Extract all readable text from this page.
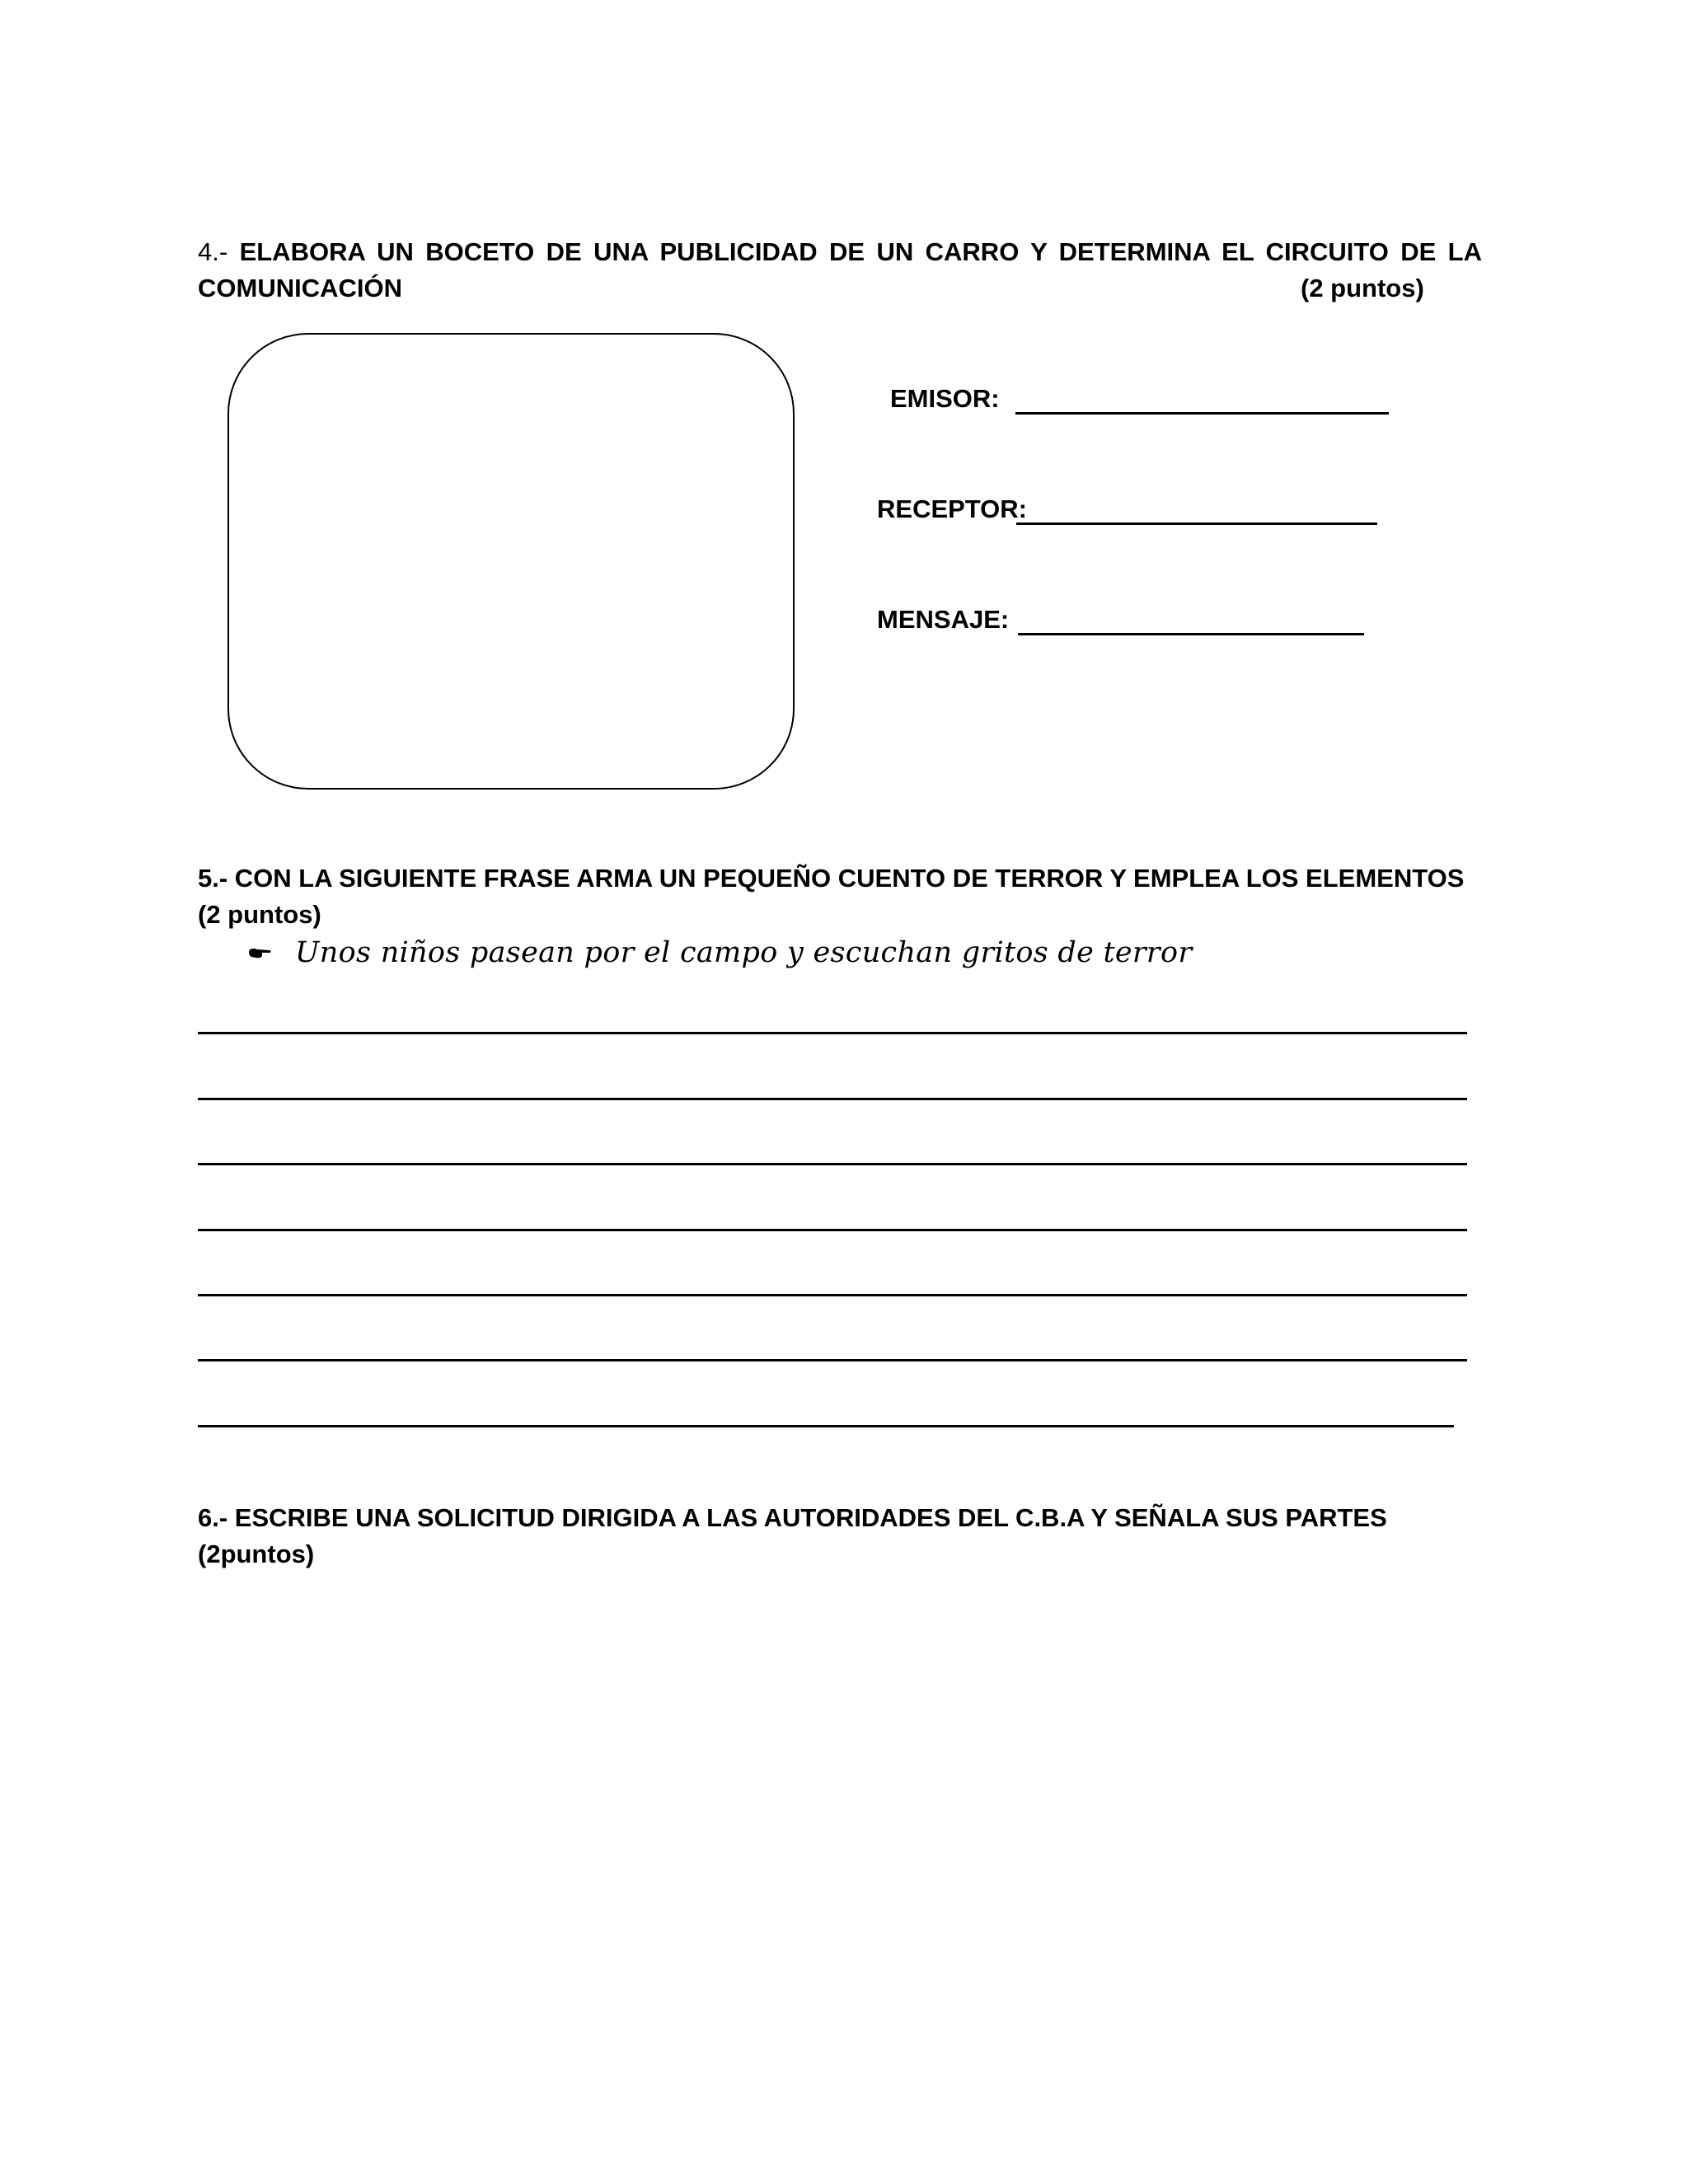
4.- ELABORA UN BOCETO DE UNA PUBLICIDAD DE UN CARRO Y DETERMINA EL CIRCUITO DE LA
COMUNICACIÓN	(2 puntos)
EMISOR:
RECEPTOR:
MENSAJE:
5.- CON LA SIGUIENTE FRASE ARMA UN PEQUEÑO CUENTO DE TERROR Y EMPLEA LOS ELEMENTOS
(2 puntos)
Unos niños pasean por el campo y escuchan gritos de terror
6.- ESCRIBE UNA SOLICITUD DIRIGIDA A LAS AUTORIDADES DEL C.B.A Y SEÑALA SUS PARTES
(2puntos)
